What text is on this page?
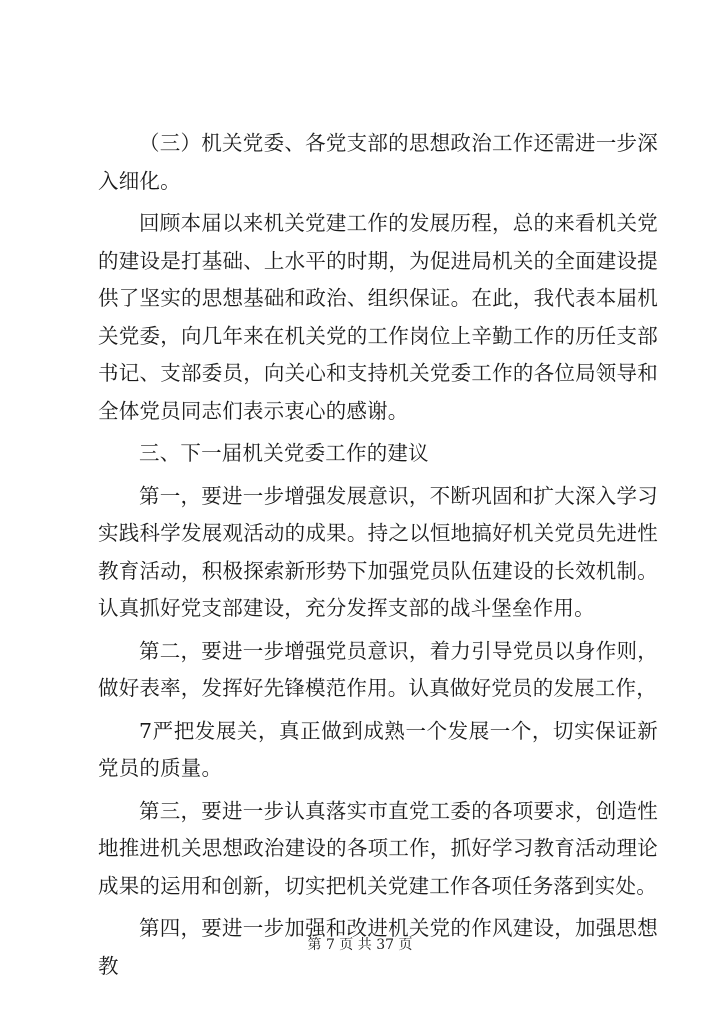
（三）机关党委、各党支部的思想政治工作还需进一步深入细化。

回顾本届以来机关党建工作的发展历程，总的来看机关党的建设是打基础、上水平的时期，为促进局机关的全面建设提供了坚实的思想基础和政治、组织保证。在此，我代表本届机关党委，向几年来在机关党的工作岗位上辛勤工作的历任支部书记、支部委员，向关心和支持机关党委工作的各位局领导和全体党员同志们表示衷心的感谢。

三、下一届机关党委工作的建议

第一，要进一步增强发展意识，不断巩固和扩大深入学习实践科学发展观活动的成果。持之以恒地搞好机关党员先进性教育活动，积极探索新形势下加强党员队伍建设的长效机制。认真抓好党支部建设，充分发挥支部的战斗堡垒作用。

第二，要进一步增强党员意识，着力引导党员以身作则，做好表率，发挥好先锋模范作用。认真做好党员的发展工作，

7严把发展关，真正做到成熟一个发展一个，切实保证新党员的质量。

第三，要进一步认真落实市直党工委的各项要求，创造性地推进机关思想政治建设的各项工作，抓好学习教育活动理论成果的运用和创新，切实把机关党建工作各项任务落到实处。

第四，要进一步加强和改进机关党的作风建设，加强思想教

第 7 页 共 37 页
